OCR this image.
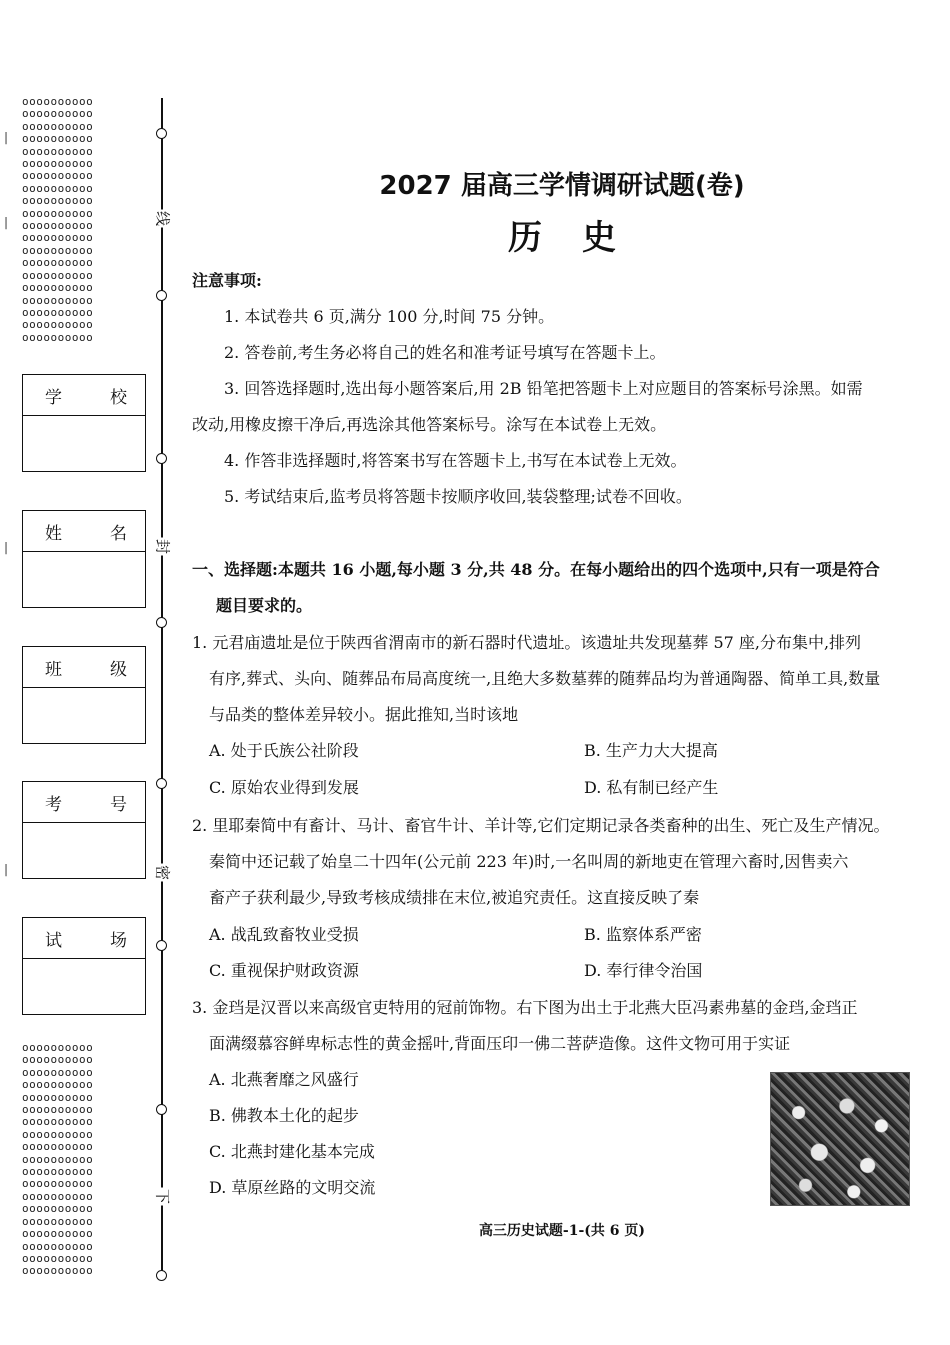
oooooooooo
oooooooooo
oooooooooo
oooooooooo
oooooooooo
oooooooooo
oooooooooo
oooooooooo
oooooooooo
oooooooooo
oooooooooo
oooooooooo
oooooooooo
oooooooooo
oooooooooo
oooooooooo
oooooooooo
oooooooooo
oooooooooo
oooooooooo
oooooooooo
oooooooooo
oooooooooo
oooooooooo
oooooooooo
oooooooooo
oooooooooo
oooooooooo
oooooooooo
oooooooooo
oooooooooo
oooooooooo
oooooooooo
oooooooooo
oooooooooo
oooooooooo
oooooooooo
oooooooooo
oooooooooo
|
|
|
|
线
封
密
下
学	校
姓	名
班	级
考	号
试	场
2027 届高三学情调研试题(卷)
历史
注意事项:
1. 本试卷共 6 页,满分 100 分,时间 75 分钟。
2. 答卷前,考生务必将自己的姓名和准考证号填写在答题卡上。
3. 回答选择题时,选出每小题答案后,用 2B 铅笔把答题卡上对应题目的答案标号涂黑。如需
改动,用橡皮擦干净后,再选涂其他答案标号。涂写在本试卷上无效。
4. 作答非选择题时,将答案书写在答题卡上,书写在本试卷上无效。
5. 考试结束后,监考员将答题卡按顺序收回,装袋整理;试卷不回收。
一、选择题:本题共 16 小题,每小题 3 分,共 48 分。在每小题给出的四个选项中,只有一项是符合
题目要求的。
1. 元君庙遗址是位于陕西省渭南市的新石器时代遗址。该遗址共发现墓葬 57 座,分布集中,排列
有序,葬式、头向、随葬品布局高度统一,且绝大多数墓葬的随葬品均为普通陶器、简单工具,数量
与品类的整体差异较小。据此推知,当时该地
A. 处于氏族公社阶段	B. 生产力大大提高
C. 原始农业得到发展	D. 私有制已经产生
2. 里耶秦简中有畜计、马计、畜官牛计、羊计等,它们定期记录各类畜种的出生、死亡及生产情况。
秦简中还记载了始皇二十四年(公元前 223 年)时,一名叫周的新地吏在管理六畜时,因售卖六
畜产子获利最少,导致考核成绩排在末位,被追究责任。这直接反映了秦
A. 战乱致畜牧业受损	B. 监察体系严密
C. 重视保护财政资源	D. 奉行律令治国
3. 金珰是汉晋以来高级官吏特用的冠前饰物。右下图为出土于北燕大臣冯素弗墓的金珰,金珰正
面满缀慕容鲜卑标志性的黄金摇叶,背面压印一佛二菩萨造像。这件文物可用于实证
A. 北燕奢靡之风盛行
B. 佛教本土化的起步
C. 北燕封建化基本完成
D. 草原丝路的文明交流
高三历史试题-1-(共 6 页)
